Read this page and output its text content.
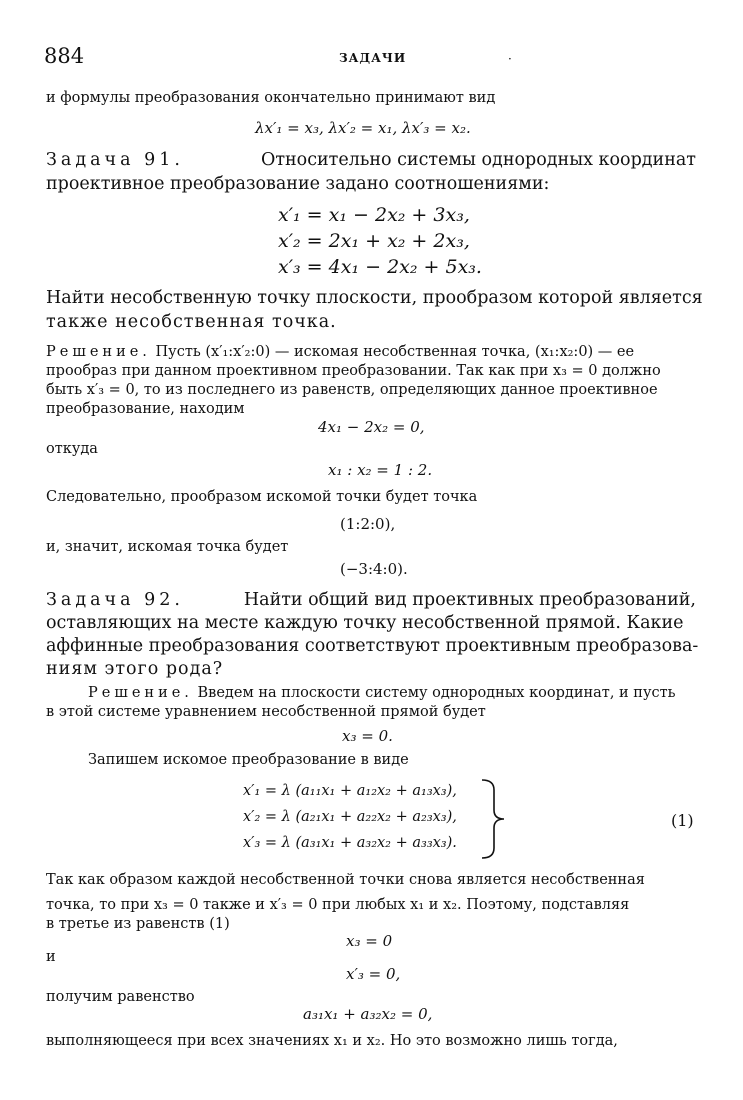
884	ЗАДАЧИ	·
и формулы преобразования окончательно принимают вид
λx′₁ = x₃, λx′₂ = x₁, λx′₃ = x₂.
Задача 91.	Относительно системы однородных координат
проективное преобразование задано соотношениями:
x′₁ = x₁ − 2x₂ + 3x₃,
x′₂ = 2x₁ + x₂ + 2x₃,
x′₃ = 4x₁ − 2x₂ + 5x₃.
Найти несобственную точку плоскости, прообразом которой является
также несобственная точка.
Решение. Пусть (x′₁:x′₂:0) — искомая несобственная точка, (x₁:x₂:0) — ее
прообраз при данном проективном преобразовании. Так как при x₃ = 0 должно
быть x′₃ = 0, то из последнего из равенств, определяющих данное проективное
преобразование, находим
4x₁ − 2x₂ = 0,
откуда
x₁ : x₂ = 1 : 2.
Следовательно, прообразом искомой точки будет точка
(1:2:0),
и, значит, искомая точка будет
(−3:4:0).
Задача 92.	Найти общий вид проективных преобразований,
оставляющих на месте каждую точку несобственной прямой. Какие
аффинные преобразования соответствуют проективным преобразова-
ниям этого рода?
Решение. Введем на плоскости систему однородных координат, и пусть
в этой системе уравнением несобственной прямой будет
x₃ = 0.
Запишем искомое преобразование в виде
x′₁ = λ (a₁₁x₁ + a₁₂x₂ + a₁₃x₃),
x′₂ = λ (a₂₁x₁ + a₂₂x₂ + a₂₃x₃),
x′₃ = λ (a₃₁x₁ + a₃₂x₂ + a₃₃x₃).
(1)
Так как образом каждой несобственной точки снова является несобственная
точка, то при x₃ = 0 также и x′₃ = 0 при любых x₁ и x₂. Поэтому, подставляя
в третье из равенств (1)
x₃ = 0
и
x′₃ = 0,
получим равенство
a₃₁x₁ + a₃₂x₂ = 0,
выполняющееся при всех значениях x₁ и x₂. Но это возможно лишь тогда,
